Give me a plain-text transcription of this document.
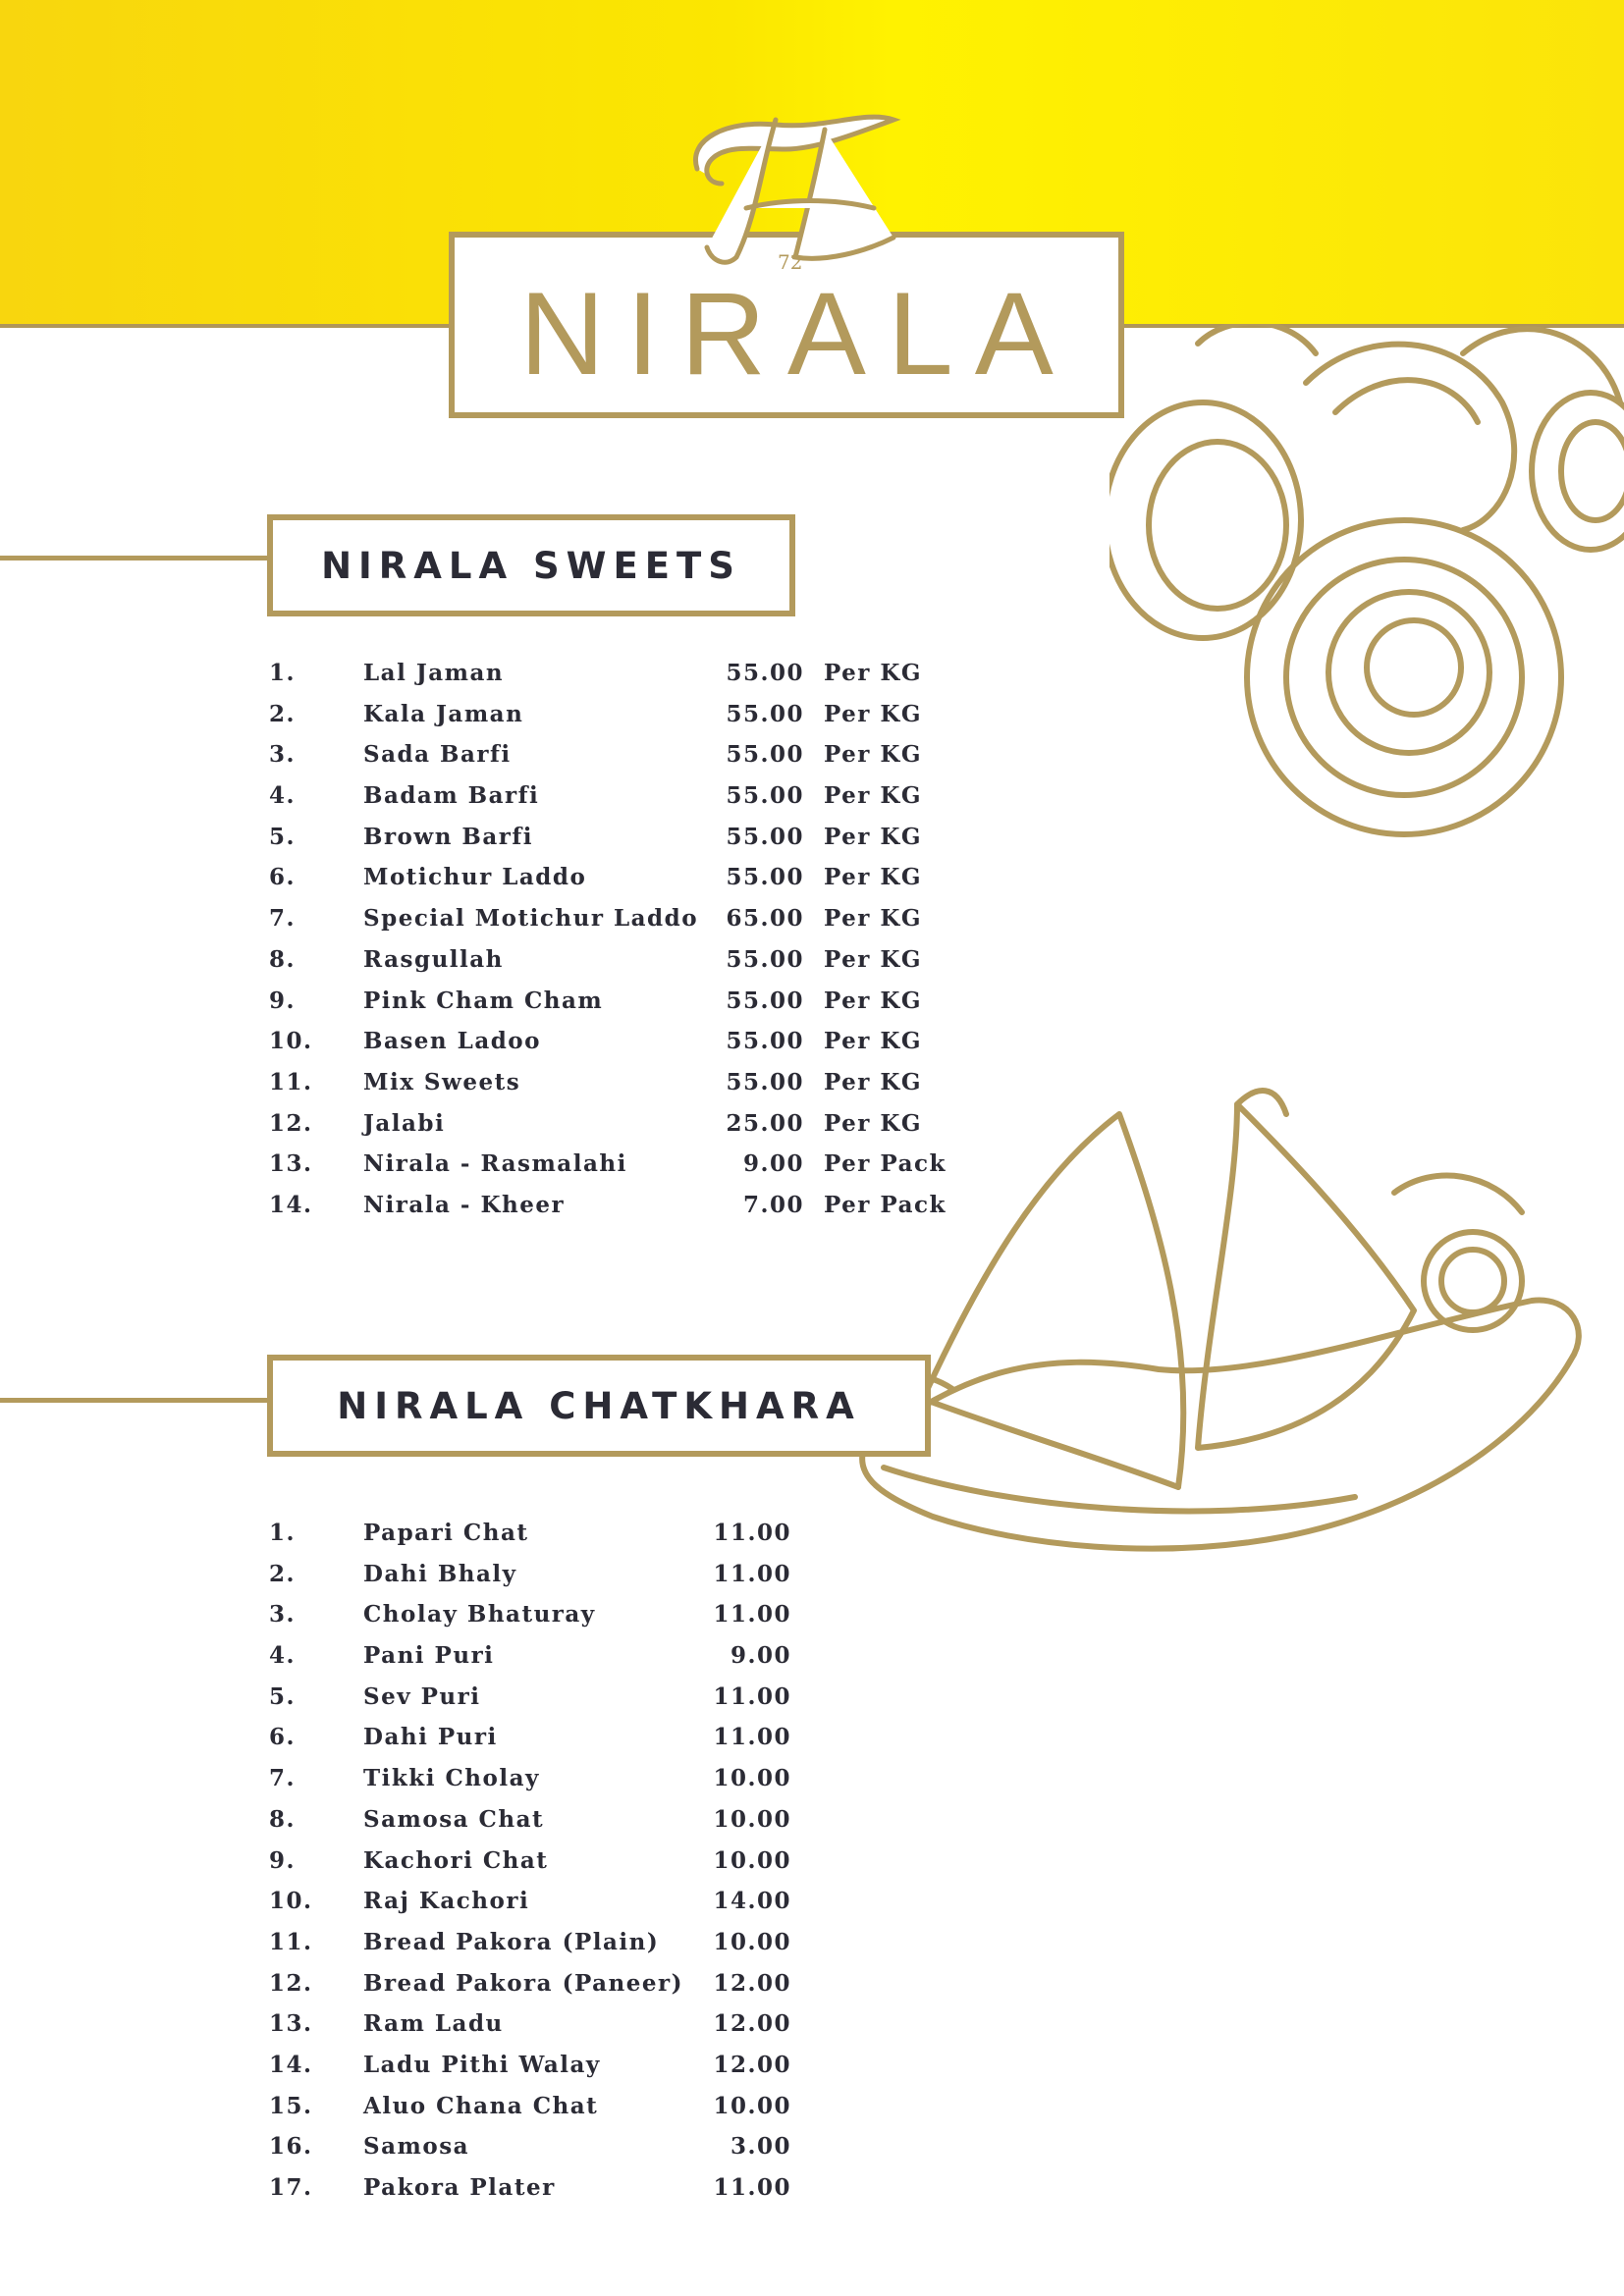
NIRALA
72
NIRALA SWEETS
1.	Lal Jaman	55.00 Per KG
2.	Kala Jaman	55.00 Per KG
3.	Sada Barfi	55.00 Per KG
4.	Badam Barfi	55.00 Per KG
5.	Brown Barfi	55.00 Per KG
6.	Motichur Laddo	55.00 Per KG
7.	Special Motichur Laddo	65.00 Per KG
8.	Rasgullah	55.00 Per KG
9.	Pink Cham Cham	55.00 Per KG
10. Basen Ladoo	55.00 Per KG
11. Mix Sweets	55.00 Per KG
12. Jalabi	25.00 Per KG
13. Nirala - Rasmalahi	9.00 Per Pack
14. Nirala - Kheer	7.00 Per Pack
NIRALA CHATKHARA
1.	Papari Chat	11.00
2.	Dahi Bhaly	11.00
3.	Cholay Bhaturay	11.00
4.	Pani Puri	9.00
5.	Sev Puri	11.00
6.	Dahi Puri	11.00
7.	Tikki Cholay	10.00
8.	Samosa Chat	10.00
9.	Kachori Chat	10.00
10. Raj Kachori	14.00
11. Bread Pakora (Plain)	10.00
12. Bread Pakora (Paneer)	12.00
13. Ram Ladu	12.00
14. Ladu Pithi Walay	12.00
15. Aluo Chana Chat	10.00
16. Samosa	3.00
17. Pakora Plater	11.00
